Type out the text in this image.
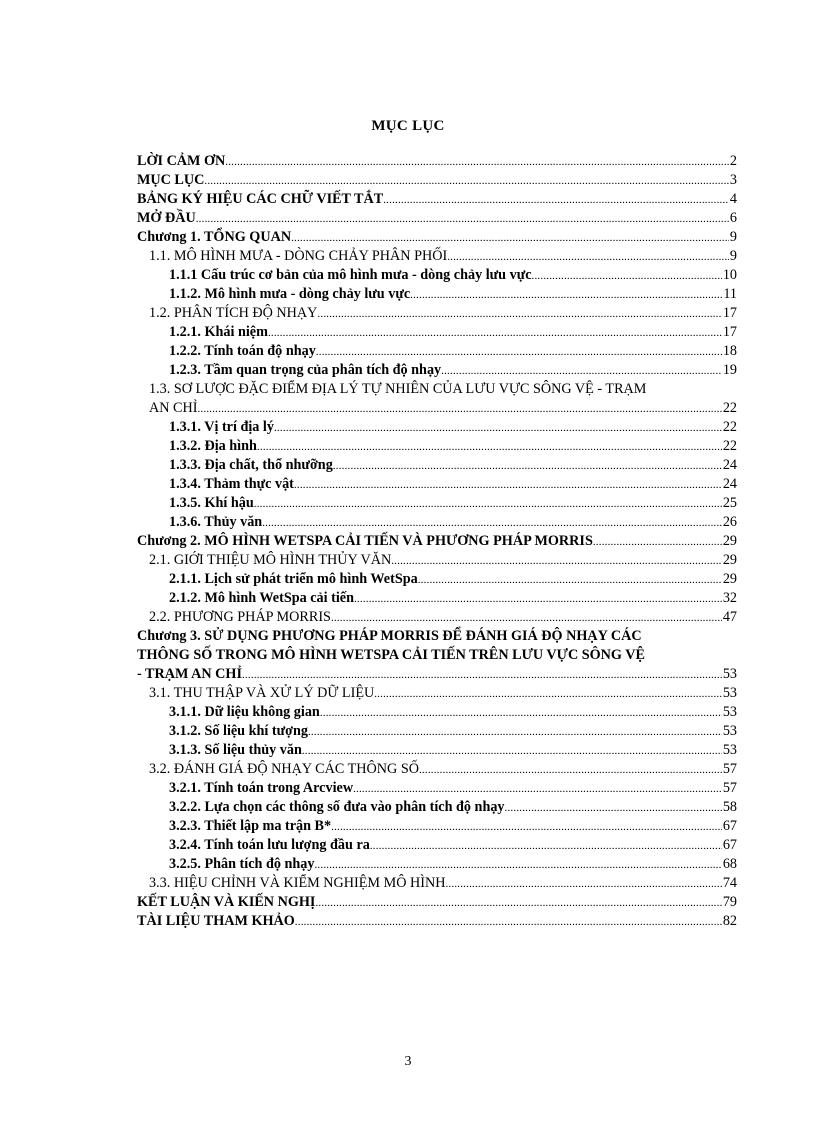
MỤC LỤC
LỜI CẢM ƠN .....	2
MỤC LỤC .....	3
BẢNG KÝ HIỆU CÁC CHỮ VIẾT TẮT .....	4
MỞ ĐẦU .....	6
Chương 1. TỔNG QUAN .....	9
1.1. MÔ HÌNH MƯA - DÒNG CHẢY PHÂN PHỐI .....	9
1.1.1 Cấu trúc cơ bản của mô hình mưa - dòng chảy lưu vực .....	10
1.1.2. Mô hình mưa - dòng chảy lưu vực .....	11
1.2. PHÂN TÍCH ĐỘ NHẠY .....	17
1.2.1. Khái niệm .....	17
1.2.2. Tính toán độ nhạy .....	18
1.2.3. Tầm quan trọng của phân tích độ nhạy .....	19
1.3. SƠ LƯỢC ĐẶC ĐIỂM ĐỊA LÝ TỰ NHIÊN CỦA LƯU VỰC SÔNG VỆ - TRẠM
AN CHỈ .....	22
1.3.1. Vị trí địa lý .....	22
1.3.2. Địa hình .....	22
1.3.3. Địa chất, thổ nhưỡng .....	24
1.3.4. Thảm thực vật .....	24
1.3.5. Khí hậu .....	25
1.3.6. Thủy văn .....	26
Chương 2. MÔ HÌNH WETSPA CẢI TIẾN VÀ PHƯƠNG PHÁP MORRIS .....	29
2.1. GIỚI THIỆU MÔ HÌNH THỦY VĂN .....	29
2.1.1. Lịch sử phát triển mô hình WetSpa .....	29
2.1.2. Mô hình WetSpa cải tiến .....	32
2.2. PHƯƠNG PHÁP MORRIS .....	47
Chương 3. SỬ DỤNG PHƯƠNG PHÁP MORRIS ĐỂ ĐÁNH GIÁ ĐỘ NHẠY CÁC
THÔNG SỐ TRONG MÔ HÌNH WETSPA CẢI TIẾN TRÊN LƯU VỰC SÔNG VỆ
- TRẠM AN CHỈ .....	53
3.1. THU THẬP VÀ XỬ LÝ DỮ LIỆU .....	53
3.1.1. Dữ liệu không gian .....	53
3.1.2. Số liệu khí tượng .....	53
3.1.3. Số liệu thủy văn .....	53
3.2. ĐÁNH GIÁ ĐỘ NHẠY CÁC THÔNG SỐ .....	57
3.2.1. Tính toán trong Arcview .....	57
3.2.2. Lựa chọn các thông số đưa vào phân tích độ nhạy .....	58
3.2.3. Thiết lập ma trận B* .....	67
3.2.4. Tính toán lưu lượng đầu ra .....	67
3.2.5. Phân tích độ nhạy .....	68
3.3. HIỆU CHỈNH VÀ KIỂM NGHIỆM MÔ HÌNH .....	74
KẾT LUẬN VÀ KIẾN NGHỊ .....	79
TÀI LIỆU THAM KHẢO .....	82
3
